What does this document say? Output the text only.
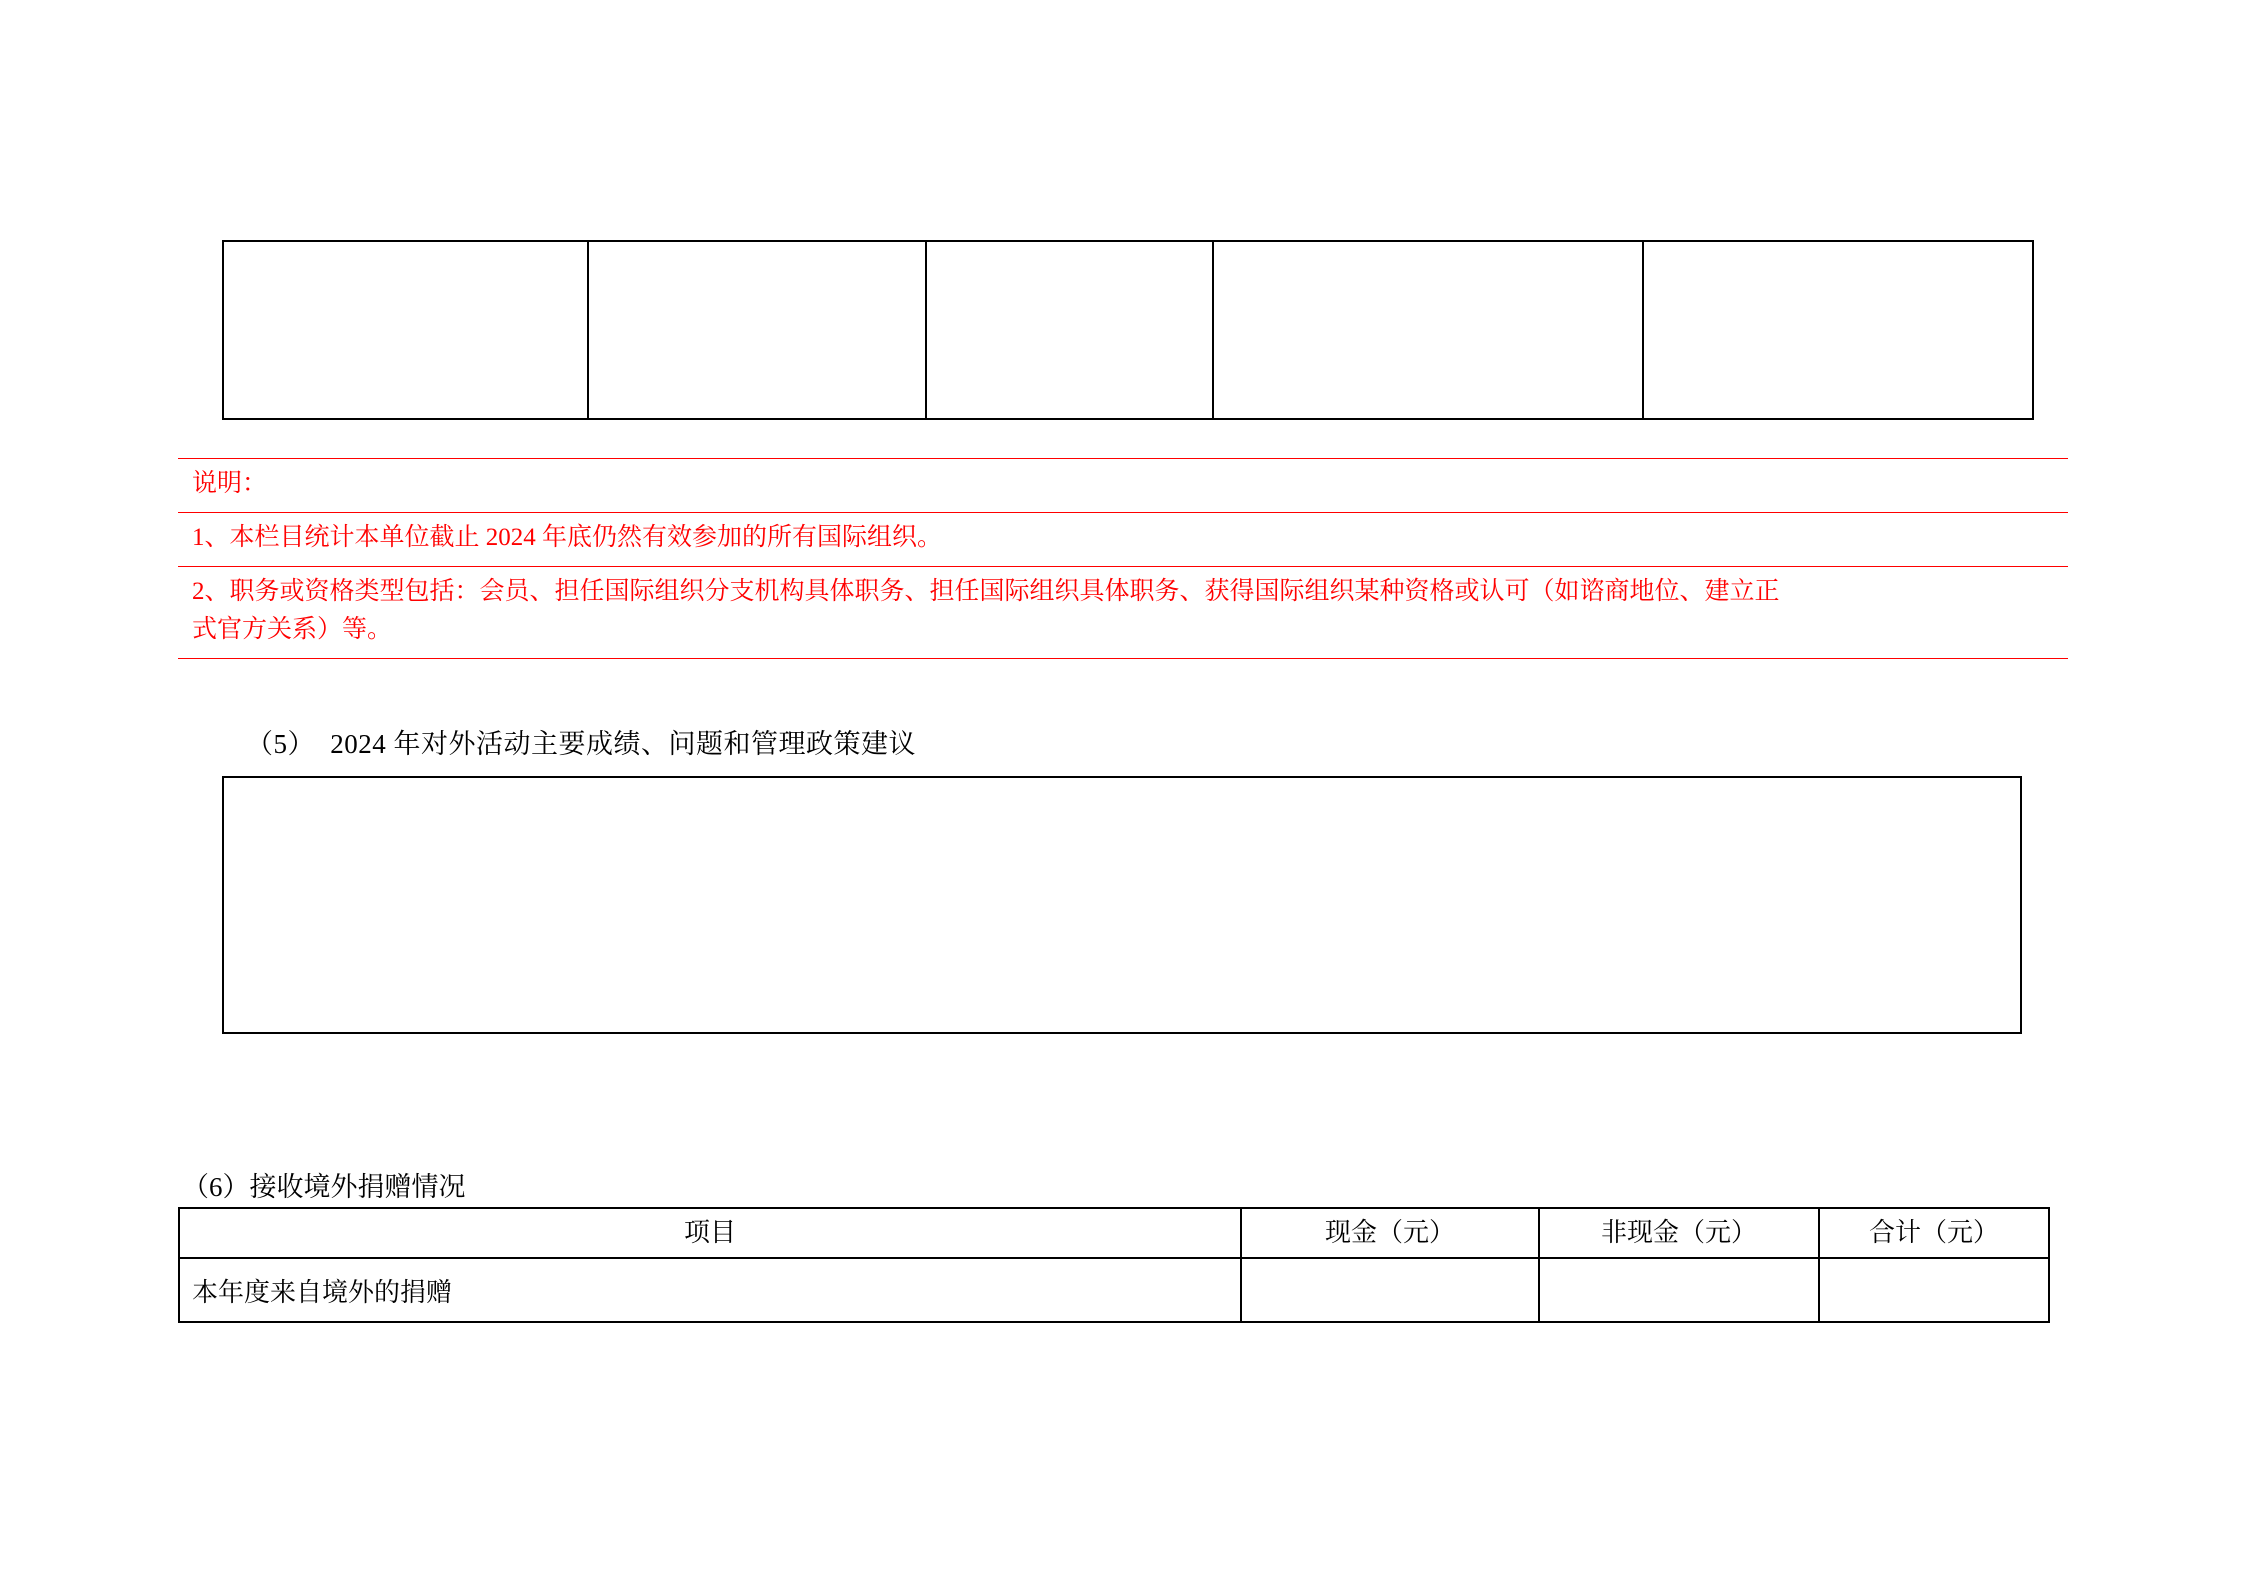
说明：
1、本栏目统计本单位截止 2024 年底仍然有效参加的所有国际组织。
2、职务或资格类型包括：会员、担任国际组织分支机构具体职务、担任国际组织具体职务、获得国际组织某种资格或认可（如谘商地位、建立正
式官方关系）等。
（5） 2024 年对外活动主要成绩、问题和管理政策建议
（6）接收境外捐赠情况
项目	现金（元）	非现金（元）	合计（元）
本年度来自境外的捐赠			
